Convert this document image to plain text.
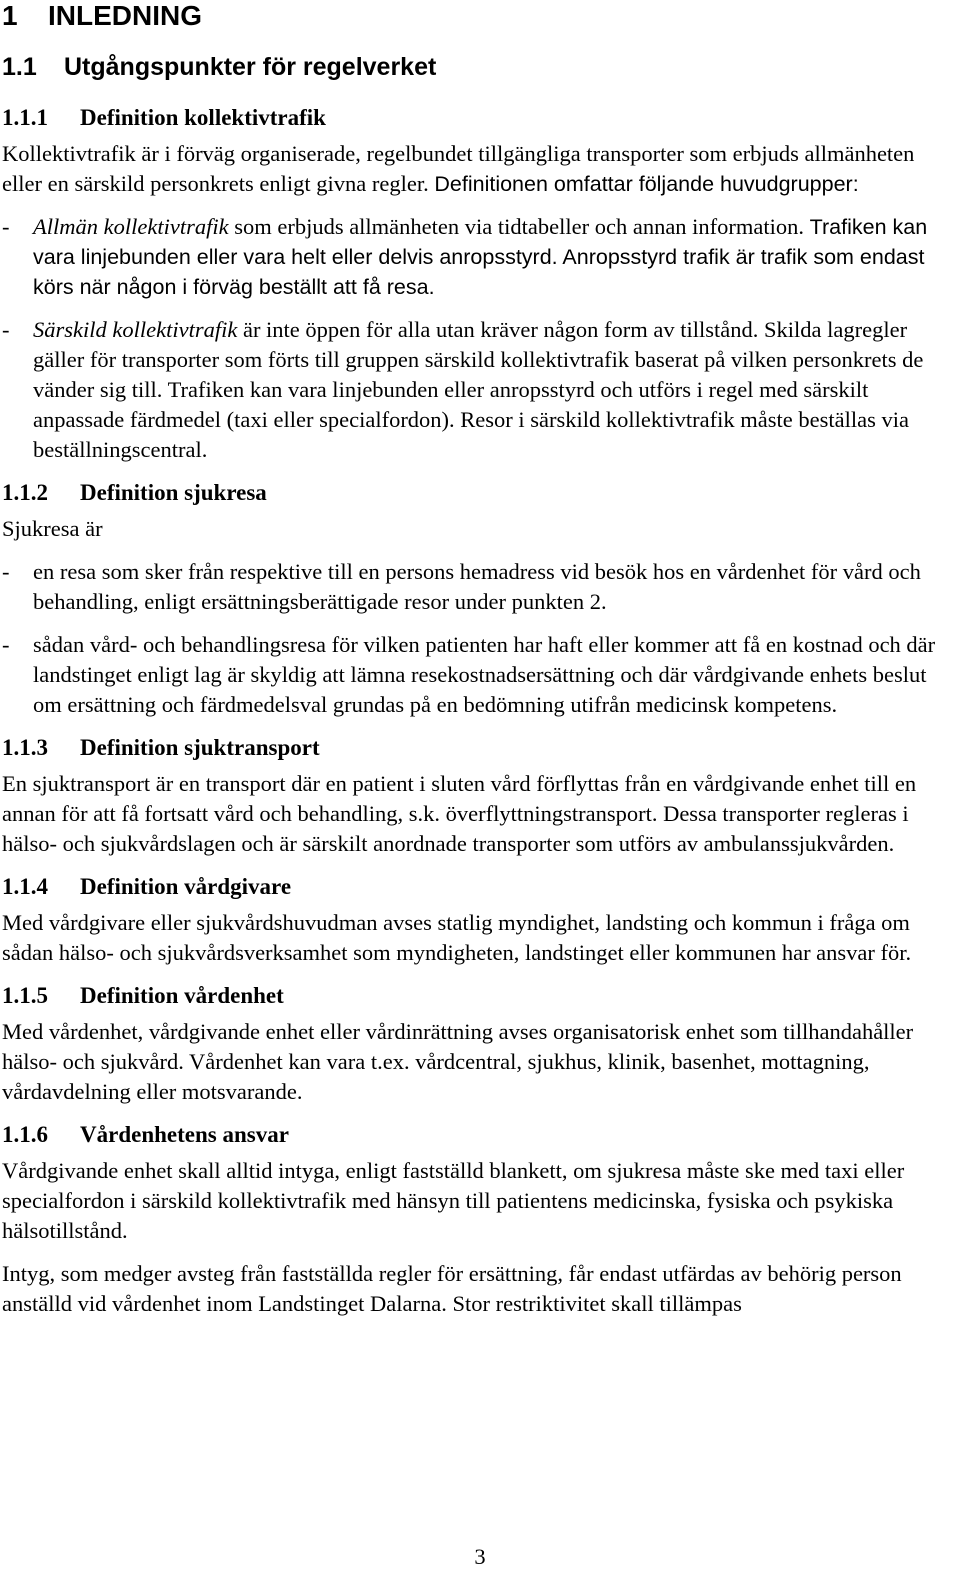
1 INLEDNING
1.1 Utgångspunkter för regelverket
1.1.1 Definition kollektivtrafik

Kollektivtrafik är i förväg organiserade, regelbundet tillgängliga transporter som erbjuds allmänheten eller en särskild personkrets enligt givna regler. Definitionen omfattar följande huvudgrupper:

-	Allmän kollektivtrafik som erbjuds allmänheten via tidtabeller och annan information. Trafiken kan vara linjebunden eller vara helt eller delvis anropsstyrd. Anropsstyrd trafik är trafik som endast körs när någon i förväg beställt att få resa.
-	Särskild kollektivtrafik är inte öppen för alla utan kräver någon form av tillstånd. Skilda lagregler gäller för transporter som förts till gruppen särskild kollektivtrafik baserat på vilken personkrets de vänder sig till. Trafiken kan vara linjebunden eller anropsstyrd och utförs i regel med särskilt anpassade färdmedel (taxi eller specialfordon). Resor i särskild kollektivtrafik måste beställas via beställningscentral.
1.1.2 Definition sjukresa

Sjukresa är

-	en resa som sker från respektive till en persons hemadress vid besök hos en vårdenhet för vård och behandling, enligt ersättningsberättigade resor under punkten 2.
-	sådan vård- och behandlingsresa för vilken patienten har haft eller kommer att få en kostnad och där landstinget enligt lag är skyldig att lämna resekostnadsersättning och där vårdgivande enhets beslut om ersättning och färdmedelsval grundas på en bedömning utifrån medicinsk kompetens.
1.1.3 Definition sjuktransport

En sjuktransport är en transport där en patient i sluten vård förflyttas från en vårdgivande enhet till en annan för att få fortsatt vård och behandling, s.k. överflyttningstransport. Dessa transporter regleras i hälso- och sjukvårdslagen och är särskilt anordnade transporter som utförs av ambulanssjukvården.

1.1.4 Definition vårdgivare

Med vårdgivare eller sjukvårdshuvudman avses statlig myndighet, landsting och kommun i fråga om sådan hälso- och sjukvårdsverksamhet som myndigheten, landstinget eller kommunen har ansvar för.

1.1.5 Definition vårdenhet

Med vårdenhet, vårdgivande enhet eller vårdinrättning avses organisatorisk enhet som tillhandahåller hälso- och sjukvård. Vårdenhet kan vara t.ex. vårdcentral, sjukhus, klinik, basenhet, mottagning, vårdavdelning eller motsvarande.

1.1.6 Vårdenhetens ansvar

Vårdgivande enhet skall alltid intyga, enligt fastställd blankett, om sjukresa måste ske med taxi eller specialfordon i särskild kollektivtrafik med hänsyn till patientens medicinska, fysiska och psykiska hälsotillstånd.

Intyg, som medger avsteg från fastställda regler för ersättning, får endast utfärdas av behörig person anställd vid vårdenhet inom Landstinget Dalarna. Stor restriktivitet skall tillämpas

3
